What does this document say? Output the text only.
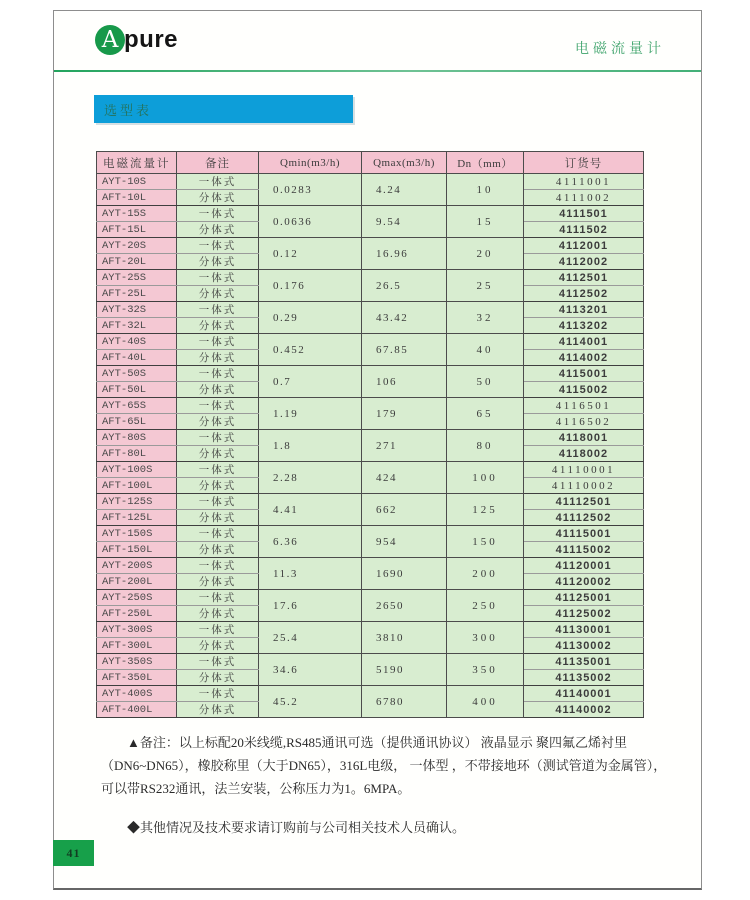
A pure	电磁流量计
选型表
电磁流量计	备注	Qmin(m3/h)	Qmax(m3/h)	Dn（mm）	订货号
AYT-10S	一体式	0.0283	4.24	10	4111001
AFT-10L	分体式				4111002
AYT-15S	一体式	0.0636	9.54	15	4111501
AFT-15L	分体式				4111502
AYT-20S	一体式	0.12	16.96	20	4112001
AFT-20L	分体式				4112002
AYT-25S	一体式	0.176	26.5	25	4112501
AFT-25L	分体式				4112502
AYT-32S	一体式	0.29	43.42	32	4113201
AFT-32L	分体式				4113202
AYT-40S	一体式	0.452	67.85	40	4114001
AFT-40L	分体式				4114002
AYT-50S	一体式	0.7	106	50	4115001
AFT-50L	分体式				4115002
AYT-65S	一体式	1.19	179	65	4116501
AFT-65L	分体式				4116502
AYT-80S	一体式	1.8	271	80	4118001
AFT-80L	分体式				4118002
AYT-100S	一体式	2.28	424	100	41110001
AFT-100L	分体式				41110002
AYT-125S	一体式	4.41	662	125	41112501
AFT-125L	分体式				41112502
AYT-150S	一体式	6.36	954	150	41115001
AFT-150L	分体式				41115002
AYT-200S	一体式	11.3	1690	200	41120001
AFT-200L	分体式				41120002
AYT-250S	一体式	17.6	2650	250	41125001
AFT-250L	分体式				41125002
AYT-300S	一体式	25.4	3810	300	41130001
AFT-300L	分体式				41130002
AYT-350S	一体式	34.6	5190	350	41135001
AFT-350L	分体式				41135002
AYT-400S	一体式	45.2	6780	400	41140001
AFT-400L	分体式				41140002

▲备注：以上标配20米线缆,RS485通讯可选（提供通讯协议） 液晶显示 聚四氟乙烯衬里（DN6~DN65），橡胶称里（大于DN65），316L电级， 一体型 ，不带接地环（测试管道为金属管），可以带RS232通讯，法兰安装，公称压力为1。6MPA。

◆其他情况及技术要求请订购前与公司相关技术人员确认。

41
